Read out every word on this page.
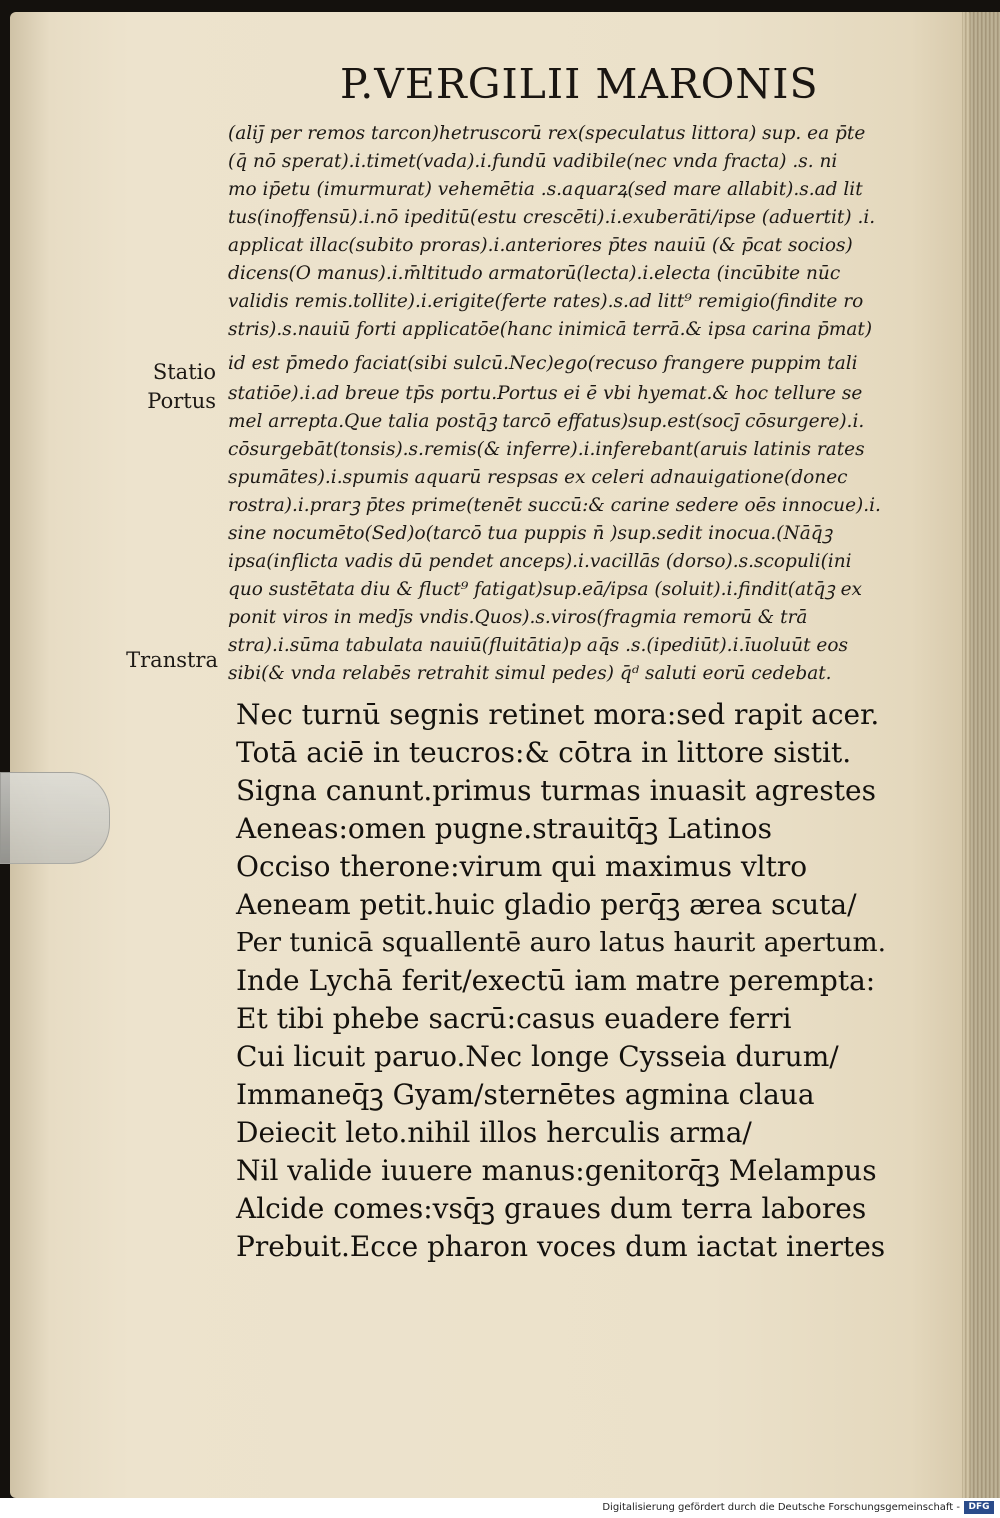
P.VERGILII MARONIS
(aliȷ̄ per remos tarcon)hetruscorū rex(speculatus littora) sup. ea p̄te
(q̄ nō sperat).i.timet(vada).i.fundū vadibile(nec vnda fracta) .s. ni
mo ip̄etu (imurmurat) vehemētia .s.aquarꝝ(sed mare allabit).s.ad lit
tus(inoffensū).i.nō ipeditū(estu crescēti).i.exuberāti/ipse (aduertit) .i.
applicat illac(subito proras).i.anteriores p̄tes nauiū (& p̄cat socios)
dicens(O manus).i.m̄ltitudo armatorū(lecta).i.electa (incūbite nūc
validis remis.tollite).i.erigite(ferte rates).s.ad litt⁹ remigio(findite ro
stris).s.nauiū forti applicatōe(hanc inimicā terrā.& ipsa carina p̄mat)
id est p̄medo faciat(sibi sulcū.Nec)ego(recuso frangere puppim tali
statiōe).i.ad breue tp̄s portu.Portus ei ē vbi hyemat.& hoc tellure se
mel arrepta.Que talia postq̄ꝫ tarcō effatus)sup.est(socȷ̄ cōsurgere).i.
cōsurgebāt(tonsis).s.remis(& inferre).i.inferebant(aruis latinis rates
spumātes).i.spumis aquarū respsas ex celeri adnauigatione(donec
rostra).i.prarꝫ p̄tes prime(tenēt succū:& carine sedere oēs innocue).i.
sine nocumēto(Sed)o(tarcō tua puppis n̄ )sup.sedit inocua.(Nāq̄ꝫ
ipsa(inflicta vadis dū pendet anceps).i.vacillās (dorso).s.scopuli(ini
quo sustētata diu & fluct⁹ fatigat)sup.eā/ipsa (soluit).i.findit(atq̄ꝫ ex
ponit viros in medȷ̄s vndis.Quos).s.viros(fragmia remorū & trā
stra).i.sūma tabulata nauiū(fluitātia)p aq̄s .s.(ipediūt).i.īuoluūt eos
sibi(& vnda relabēs retrahit simul pedes) q̄ᵈ saluti eorū cedebat.
Statio
Portus
Transtra
Nec turnū segnis retinet mora:sed rapit acer.
Totā aciē in teucros:& cōtra in littore sistit.
Signa canunt.primus turmas inuasit agrestes
Aeneas:omen pugne.strauitq̄ꝫ Latinos
Occiso therone:virum qui maximus vltro
Aeneam petit.huic gladio perq̄ꝫ ærea scuta/
Per tunicā squallentē auro latus haurit apertum.
Inde Lychā ferit/exectū iam matre perempta:
Et tibi phebe sacrū:casus euadere ferri
Cui licuit paruo.Nec longe Cysseia durum/
Immaneq̄ꝫ Gyam/sternētes agmina claua
Deiecit leto.nihil illos herculis arma/
Nil valide iuuere manus:genitorq̄ꝫ Melampus
Alcide comes:vsq̄ꝫ graues dum terra labores
Prebuit.Ecce pharon voces dum iactat inertes
Digitalisierung gefördert durch die Deutsche Forschungsgemeinschaft - DFG
